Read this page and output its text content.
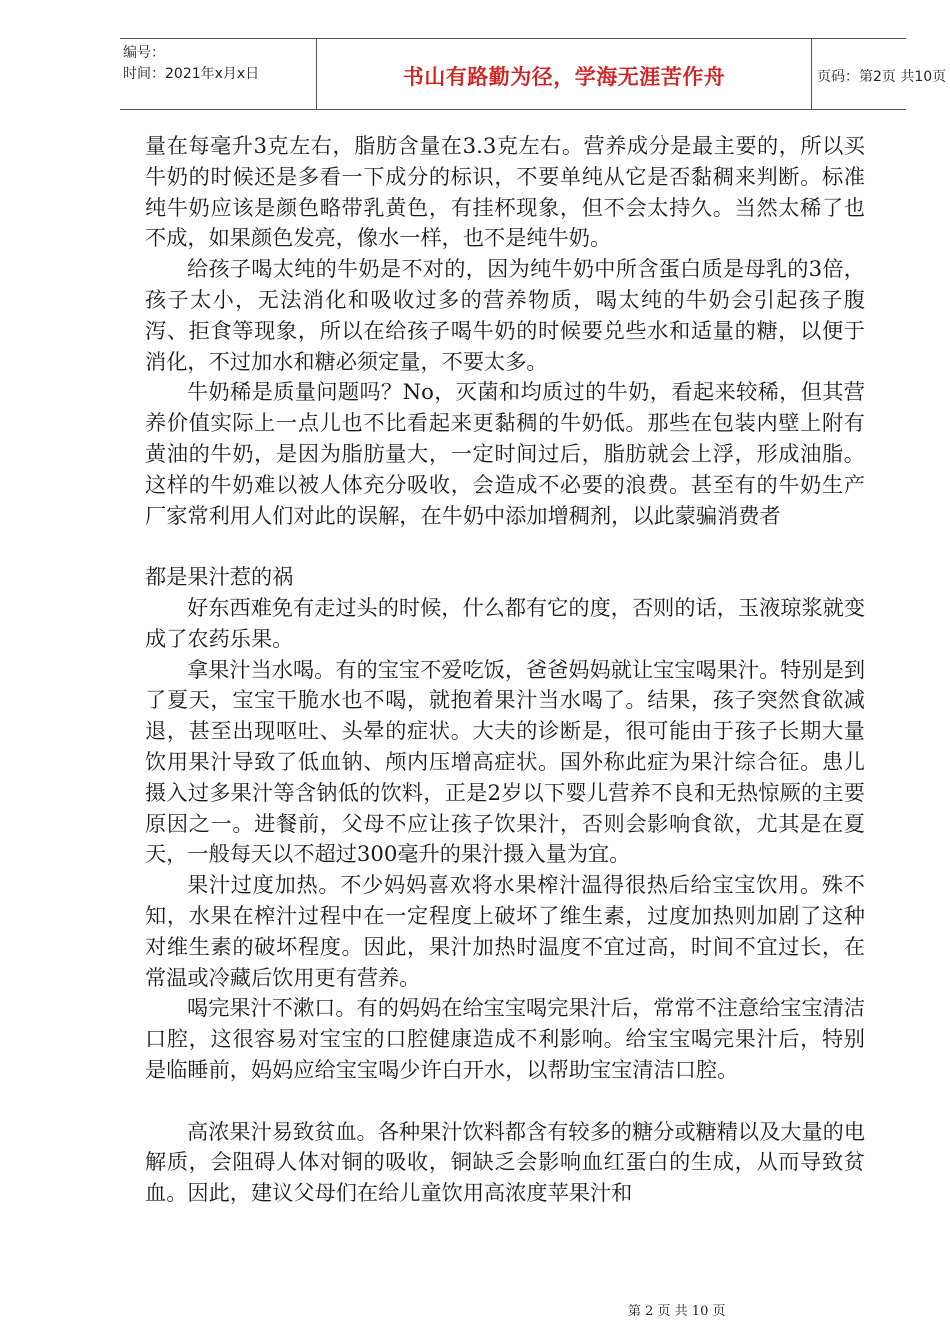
编号：
时间：2021年x月x日	书山有路勤为径，学海无涯苦作舟	页码：第2页 共10页

量在每毫升3克左右，脂肪含量在3.3克左右。营养成分是最主要的，所以买牛奶的时候还是多看一下成分的标识，不要单纯从它是否黏稠来判断。标准纯牛奶应该是颜色略带乳黄色，有挂杯现象，但不会太持久。当然太稀了也不成，如果颜色发亮，像水一样，也不是纯牛奶。

给孩子喝太纯的牛奶是不对的，因为纯牛奶中所含蛋白质是母乳的3倍，孩子太小，无法消化和吸收过多的营养物质，喝太纯的牛奶会引起孩子腹泻、拒食等现象，所以在给孩子喝牛奶的时候要兑些水和适量的糖，以便于消化，不过加水和糖必须定量，不要太多。

牛奶稀是质量问题吗？No，灭菌和均质过的牛奶，看起来较稀，但其营养价值实际上一点儿也不比看起来更黏稠的牛奶低。那些在包装内壁上附有黄油的牛奶，是因为脂肪量大，一定时间过后，脂肪就会上浮，形成油脂。这样的牛奶难以被人体充分吸收，会造成不必要的浪费。甚至有的牛奶生产厂家常利用人们对此的误解，在牛奶中添加增稠剂，以此蒙骗消费者

都是果汁惹的祸

好东西难免有走过头的时候，什么都有它的度，否则的话，玉液琼浆就变成了农药乐果。

拿果汁当水喝。有的宝宝不爱吃饭，爸爸妈妈就让宝宝喝果汁。特别是到了夏天，宝宝干脆水也不喝，就抱着果汁当水喝了。结果，孩子突然食欲减退，甚至出现呕吐、头晕的症状。大夫的诊断是，很可能由于孩子长期大量饮用果汁导致了低血钠、颅内压增高症状。国外称此症为果汁综合征。患儿摄入过多果汁等含钠低的饮料，正是2岁以下婴儿营养不良和无热惊厥的主要原因之一。进餐前，父母不应让孩子饮果汁，否则会影响食欲，尤其是在夏天，一般每天以不超过300毫升的果汁摄入量为宜。

果汁过度加热。不少妈妈喜欢将水果榨汁温得很热后给宝宝饮用。殊不知，水果在榨汁过程中在一定程度上破坏了维生素，过度加热则加剧了这种对维生素的破坏程度。因此，果汁加热时温度不宜过高，时间不宜过长，在常温或冷藏后饮用更有营养。

喝完果汁不漱口。有的妈妈在给宝宝喝完果汁后，常常不注意给宝宝清洁口腔，这很容易对宝宝的口腔健康造成不利影响。给宝宝喝完果汁后，特别是临睡前，妈妈应给宝宝喝少许白开水，以帮助宝宝清洁口腔。

高浓果汁易致贫血。各种果汁饮料都含有较多的糖分或糖精以及大量的电解质，会阻碍人体对铜的吸收，铜缺乏会影响血红蛋白的生成，从而导致贫血。因此，建议父母们在给儿童饮用高浓度苹果汁和

第 2 页 共 10 页
